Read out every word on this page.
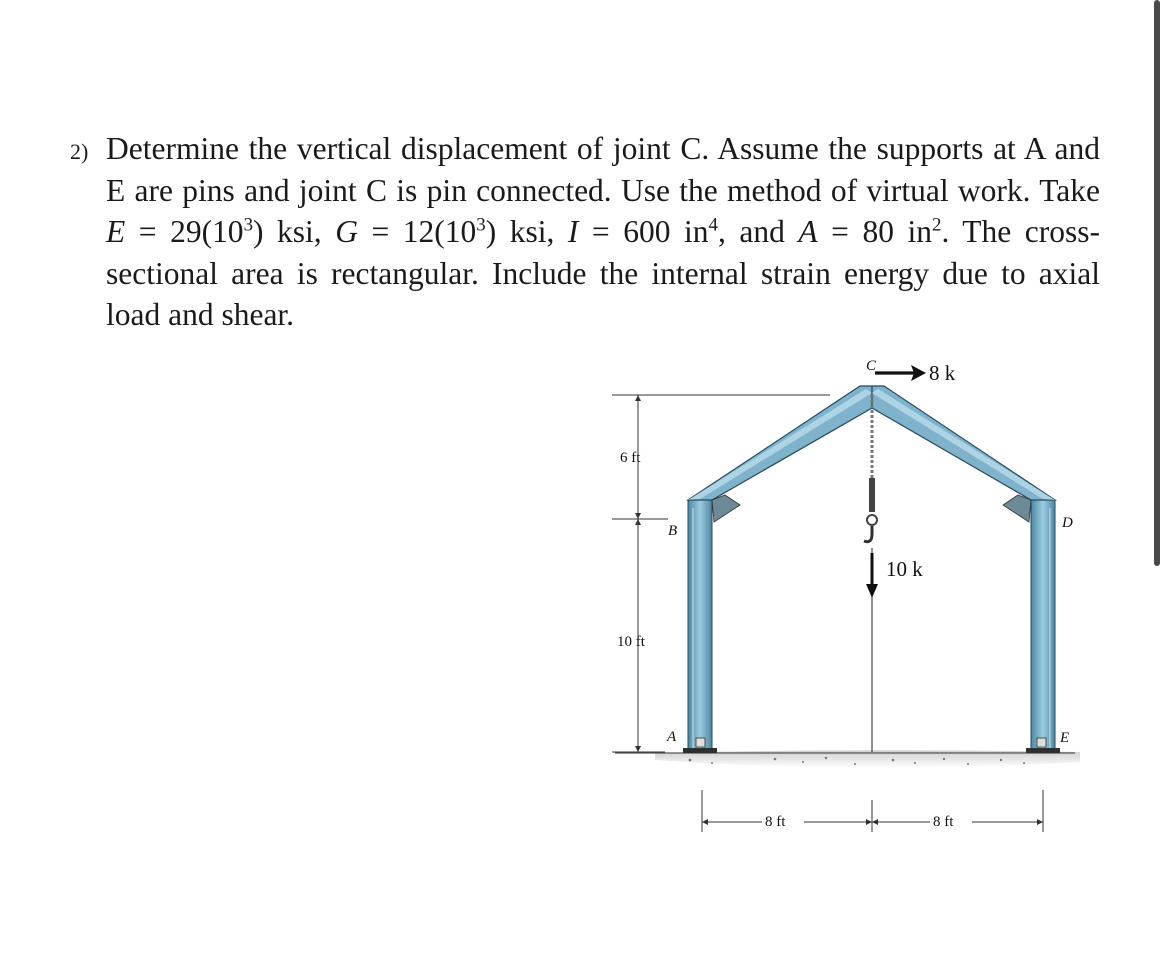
2) Determine the vertical displacement of joint C. Assume the supports at A and E are pins and joint C is pin connected. Use the method of virtual work. Take $E = 29(10^3)$ ksi, $G = 12(10^3)$ ksi, I = 600 $in^4$, and A = 80 $in^2$. The cross-sectional area is rectangular. Include the internal strain energy due to axial load and shear.
8 k
10 k
C
B	D
A	E
6 ft
10 ft
8 ft	8 ft
